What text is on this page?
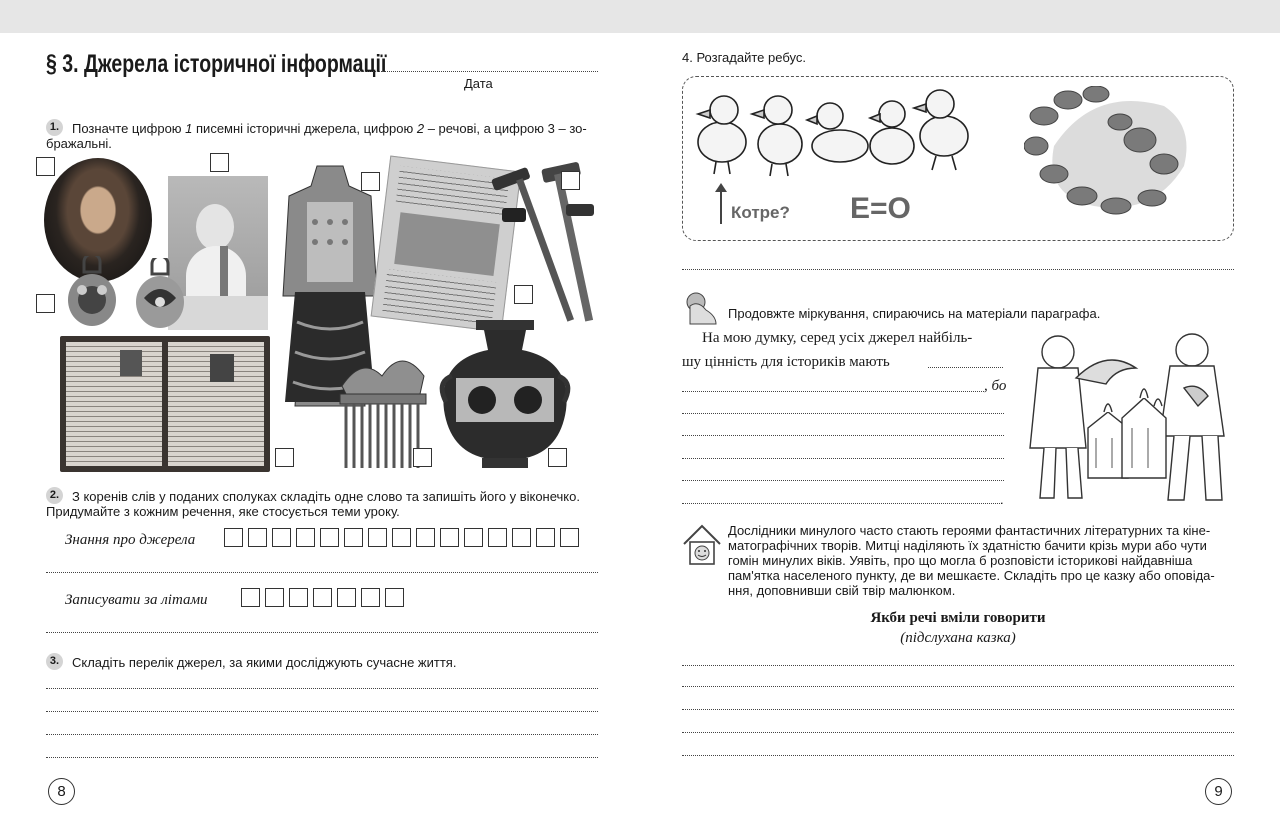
§ 3. Джерела історичної інформації
Дата
1. Позначте цифрою 1 писемні історичні джерела, цифрою 2 – речові, а цифрою 3 – зо-
бражальні.
2. З коренів слів у поданих сполуках складіть одне слово та запишіть його у віконечко.
Придумайте з кожним речення, яке стосується теми уроку.
Знання про джерела
Записувати за літами
3. Складіть перелік джерел, за якими досліджують сучасне життя.
8
4. Розгадайте ребус.
Котре? Е=О
Продовжте міркування, спираючись на матеріали параграфа.
На мою думку, серед усіх джерел найбіль-
шу цінність для істориків мають
, бо
.
Дослідники минулого часто стають героями фантастичних літературних та кіне-
матографічних творів. Митці наділяють їх здатністю бачити крізь мури або чути
гомін минулих віків. Уявіть, про що могла б розповісти історикові найдавніша
пам'ятка населеного пункту, де ви мешкаєте. Складіть про це казку або оповіда-
ння, доповнивши свій твір малюнком.
Якби речі вміли говорити
(підслухана казка)
9
